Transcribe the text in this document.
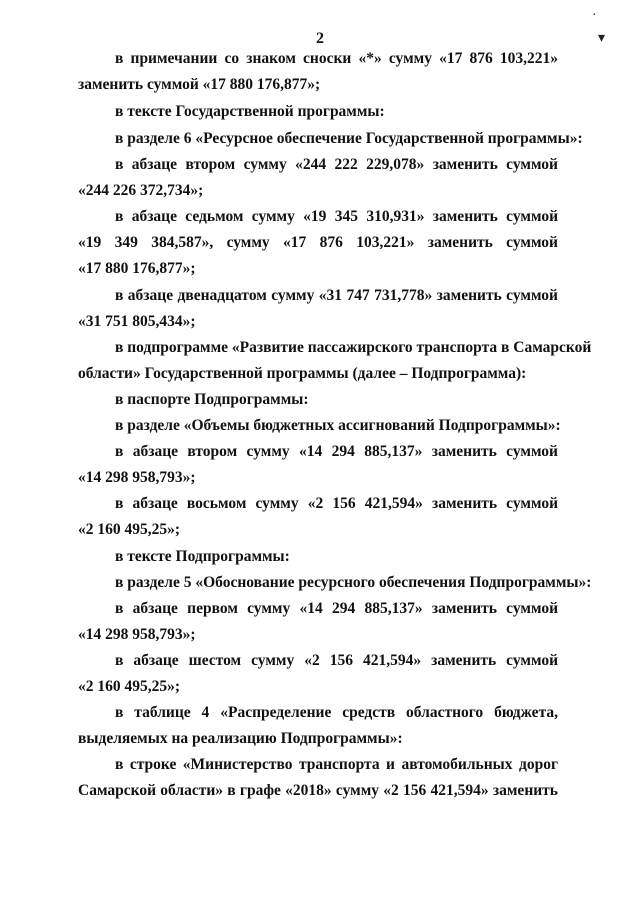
2
·
▾
в примечании со знаком сноски «*» сумму «17 876 103,221»
заменить суммой «17 880 176,877»;
в тексте Государственной программы:
в разделе 6 «Ресурсное обеспечение Государственной программы»:
в абзаце втором сумму «244 222 229,078» заменить суммой
«244 226 372,734»;
в абзаце седьмом сумму «19 345 310,931» заменить суммой
«19 349 384,587», сумму «17 876 103,221» заменить суммой
«17 880 176,877»;
в абзаце двенадцатом сумму «31 747 731,778» заменить суммой
«31 751 805,434»;
в подпрограмме «Развитие пассажирского транспорта в Самарской
области» Государственной программы (далее – Подпрограмма):
в паспорте Подпрограммы:
в разделе «Объемы бюджетных ассигнований Подпрограммы»:
в абзаце втором сумму «14 294 885,137» заменить суммой
«14 298 958,793»;
в абзаце восьмом сумму «2 156 421,594» заменить суммой
«2 160 495,25»;
в тексте Подпрограммы:
в разделе 5 «Обоснование ресурсного обеспечения Подпрограммы»:
в абзаце первом сумму «14 294 885,137» заменить суммой
«14 298 958,793»;
в абзаце шестом сумму «2 156 421,594» заменить суммой
«2 160 495,25»;
в таблице 4 «Распределение средств областного бюджета,
выделяемых на реализацию Подпрограммы»:
в строке «Министерство транспорта и автомобильных дорог
Самарской области» в графе «2018» сумму «2 156 421,594» заменить
